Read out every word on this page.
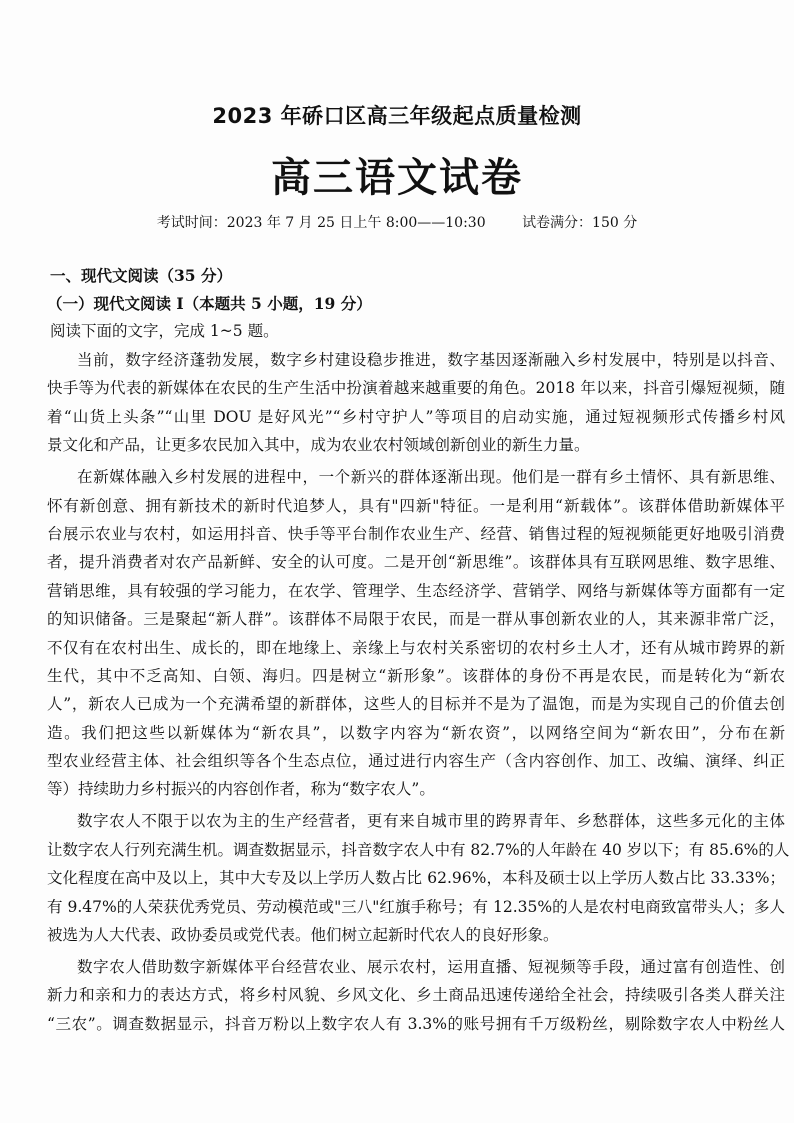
2023 年硚口区高三年级起点质量检测
高三语文试卷
考试时间：2023 年 7 月 25 日上午 8:00——10:30	试卷满分：150 分
一、现代文阅读（35 分）
（一）现代文阅读 I（本题共 5 小题，19 分）
阅读下面的文字，完成 1~5 题。
当前，数字经济蓬勃发展，数字乡村建设稳步推进，数字基因逐渐融入乡村发展中，特别是以抖音、
快手等为代表的新媒体在农民的生产生活中扮演着越来越重要的角色。2018 年以来，抖音引爆短视频，随
着“山货上头条”“山里 DOU 是好风光”“乡村守护人”等项目的启动实施，通过短视频形式传播乡村风
景文化和产品，让更多农民加入其中，成为农业农村领域创新创业的新生力量。
在新媒体融入乡村发展的进程中，一个新兴的群体逐渐出现。他们是一群有乡土情怀、具有新思维、
怀有新创意、拥有新技术的新时代追梦人，具有"四新"特征。一是利用“新载体”。该群体借助新媒体平
台展示农业与农村，如运用抖音、快手等平台制作农业生产、经营、销售过程的短视频能更好地吸引消费
者，提升消费者对农产品新鲜、安全的认可度。二是开创“新思维”。该群体具有互联网思维、数字思维、
营销思维，具有较强的学习能力，在农学、管理学、生态经济学、营销学、网络与新媒体等方面都有一定
的知识储备。三是聚起“新人群”。该群体不局限于农民，而是一群从事创新农业的人，其来源非常广泛，
不仅有在农村出生、成长的，即在地缘上、亲缘上与农村关系密切的农村乡土人才，还有从城市跨界的新
生代，其中不乏高知、白领、海归。四是树立“新形象”。该群体的身份不再是农民，而是转化为“新农
人”，新农人已成为一个充满希望的新群体，这些人的目标并不是为了温饱，而是为实现自己的价值去创
造。我们把这些以新媒体为“新农具”，以数字内容为“新农资”，以网络空间为“新农田”，分布在新
型农业经营主体、社会组织等各个生态点位，通过进行内容生产（含内容创作、加工、改编、演绎、纠正
等）持续助力乡村振兴的内容创作者，称为“数字农人”。
数字农人不限于以农为主的生产经营者，更有来自城市里的跨界青年、乡愁群体，这些多元化的主体
让数字农人行列充满生机。调查数据显示，抖音数字农人中有 82.7%的人年龄在 40 岁以下；有 85.6%的人
文化程度在高中及以上，其中大专及以上学历人数占比 62.96%，本科及硕士以上学历人数占比 33.33%；
有 9.47%的人荣获优秀党员、劳动模范或"三八"红旗手称号；有 12.35%的人是农村电商致富带头人；多人
被选为人大代表、政协委员或党代表。他们树立起新时代农人的良好形象。
数字农人借助数字新媒体平台经营农业、展示农村，运用直播、短视频等手段，通过富有创造性、创
新力和亲和力的表达方式，将乡村风貌、乡风文化、乡土商品迅速传递给全社会，持续吸引各类人群关注
“三农”。调查数据显示，抖音万粉以上数字农人有 3.3%的账号拥有千万级粉丝，剔除数字农人中粉丝人
